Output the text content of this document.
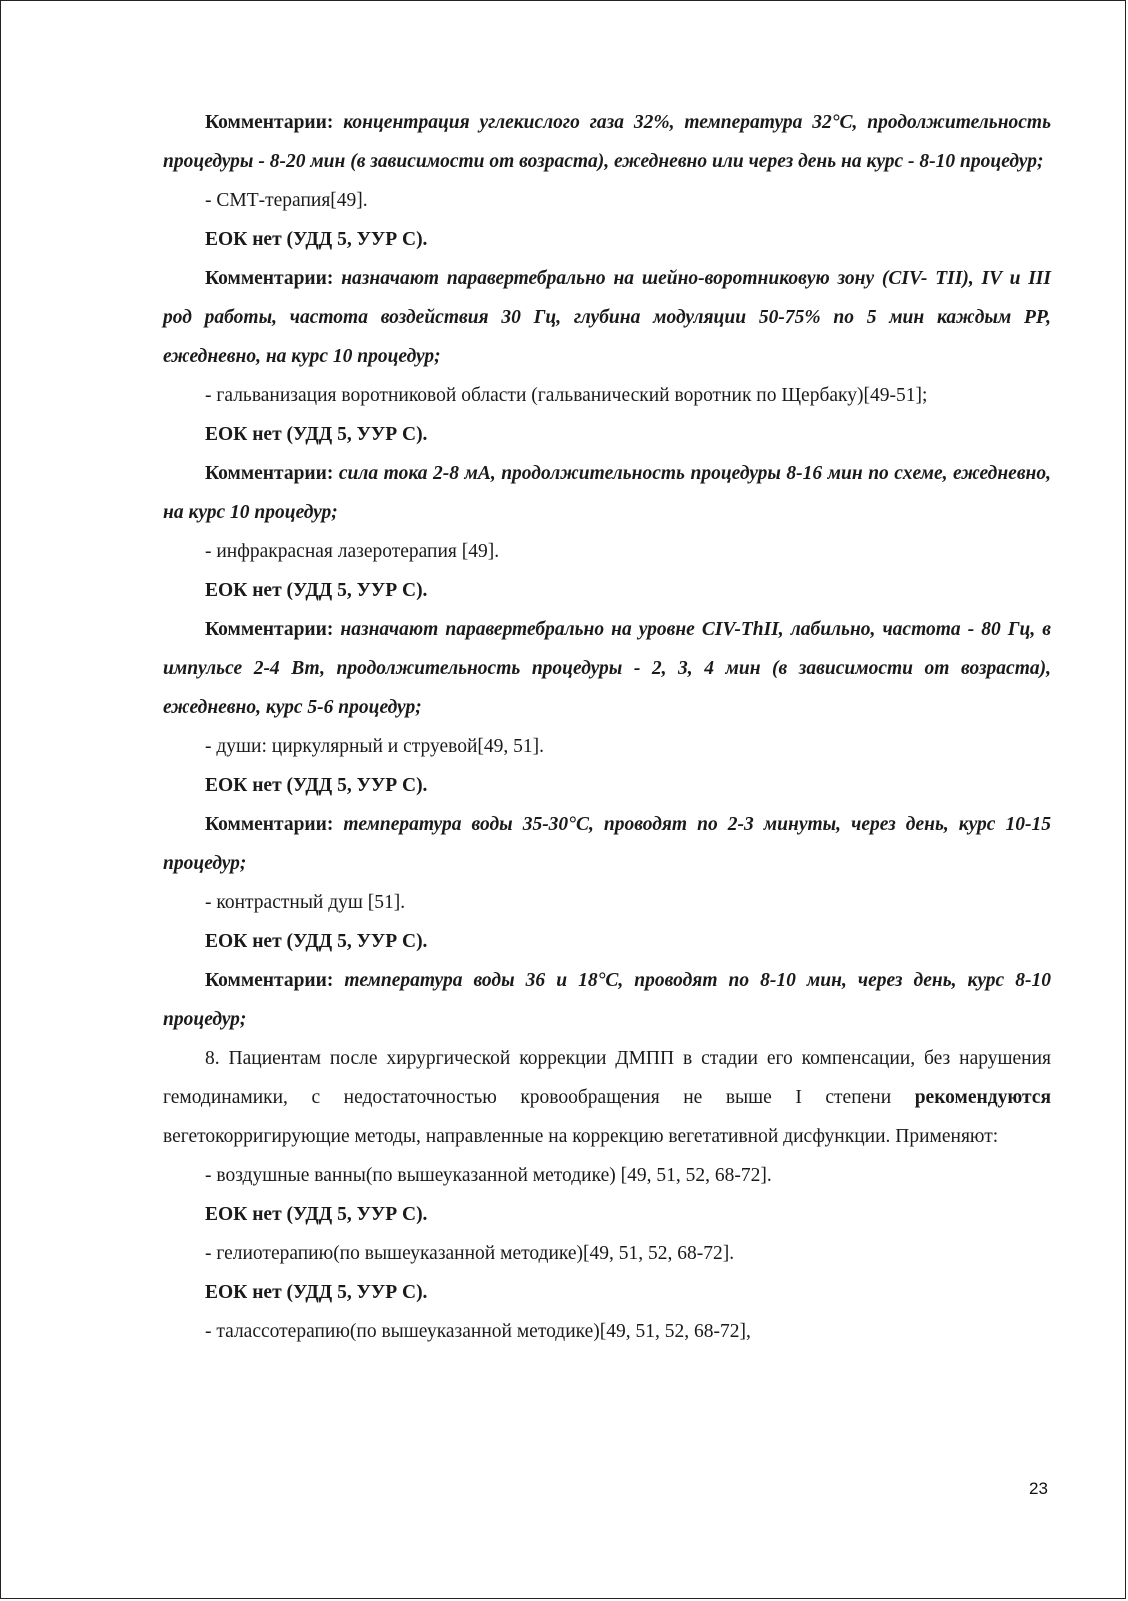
Комментарии: концентрация углекислого газа 32%, температура 32°C, продолжительность процедуры - 8-20 мин (в зависимости от возраста), ежедневно или через день на курс - 8-10 процедур;

- СМТ-терапия[49].

ЕОК нет (УДД 5, УУР С).

Комментарии: назначают паравертебрально на шейно-воротниковую зону (CIV- TII), IV и III род работы, частота воздействия 30 Гц, глубина модуляции 50-75% по 5 мин каждым РР, ежедневно, на курс 10 процедур;

- гальванизация воротниковой области (гальванический воротник по Щербаку)[49-51];

ЕОК нет (УДД 5, УУР С).

Комментарии: сила тока 2-8 мА, продолжительность процедуры 8-16 мин по схеме, ежедневно, на курс 10 процедур;

- инфракрасная лазеротерапия [49].

ЕОК нет (УДД 5, УУР С).

Комментарии: назначают паравертебрально на уровне CIV-ThII, лабильно, частота - 80 Гц, в импульсе 2-4 Вт, продолжительность процедуры - 2, 3, 4 мин (в зависимости от возраста), ежедневно, курс 5-6 процедур;

- души: циркулярный и струевой[49, 51].

ЕОК нет (УДД 5, УУР С).

Комментарии: температура воды 35-30°C, проводят по 2-3 минуты, через день, курс 10-15 процедур;

- контрастный душ [51].

ЕОК нет (УДД 5, УУР С).

Комментарии: температура воды 36 и 18°C, проводят по 8-10 мин, через день, курс 8-10 процедур;

8. Пациентам после хирургической коррекции ДМПП в стадии его компенсации, без нарушения гемодинамики, с недостаточностью кровообращения не выше I степени рекомендуются вегетокорригирующие методы, направленные на коррекцию вегетативной дисфункции. Применяют:

- воздушные ванны(по вышеуказанной методике) [49, 51, 52, 68-72].

ЕОК нет (УДД 5, УУР С).

- гелиотерапию(по вышеуказанной методике)[49, 51, 52, 68-72].

ЕОК нет (УДД 5, УУР С).

- талассотерапию(по вышеуказанной методике)[49, 51, 52, 68-72],

23
